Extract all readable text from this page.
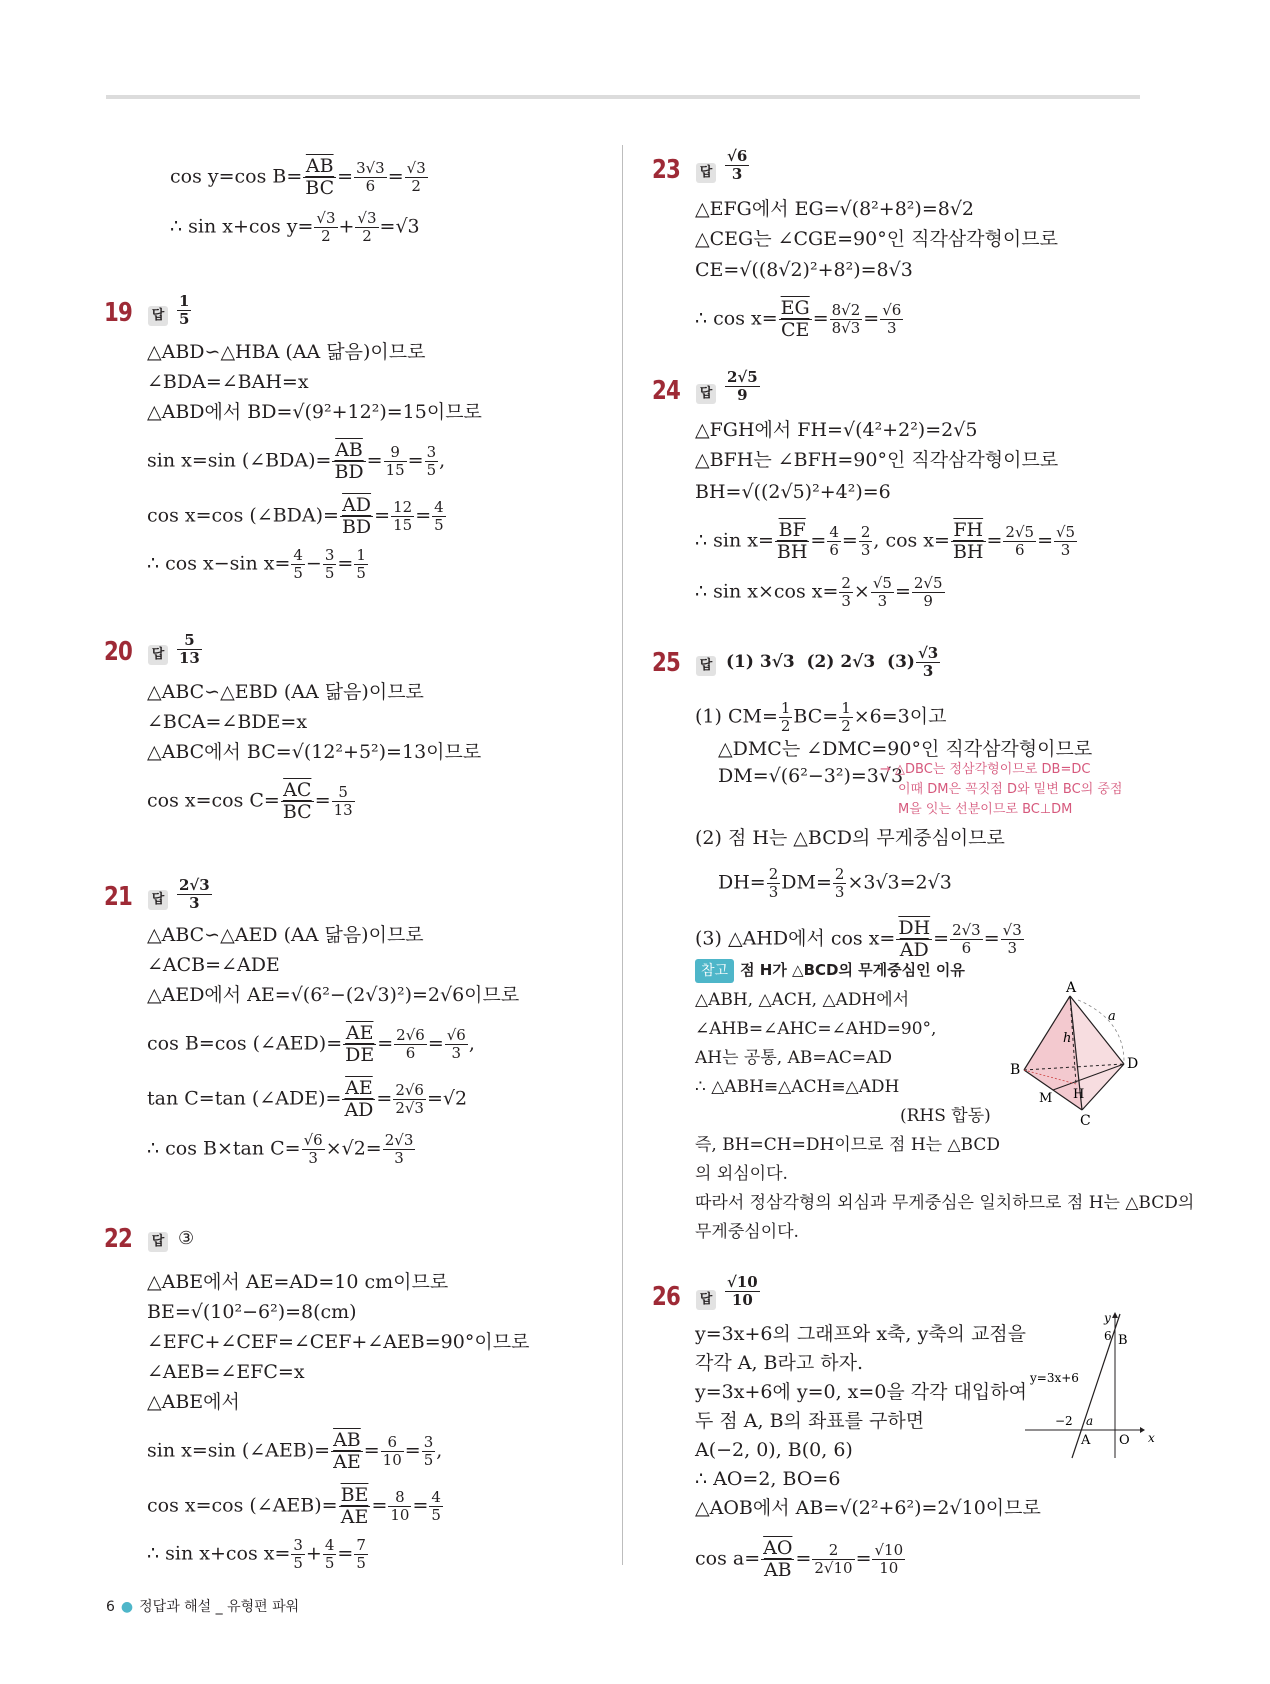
cos y=cos $B= \frac{\overline{AB}}{BC} = \frac{3√3}{6} = \frac{√3}{2}$
∴ sin x+cos $y= \frac{√3}{2} + \frac{√3}{2} =√3$
19 답 $\frac{1}{5}$
△ABD∽△HBA (AA 닮음)이므로
∠BDA=∠BAH=x
△ABD에서 BD=√(9²+12²)=15이므로
sin x=sin (∠BDA)= $\frac{\overline{AB}}{BD} = \frac{9}{15} = \frac{3}{5}$ ,
cos x=cos (∠BDA)= $\frac{\overline{AD}}{BD} = \frac{12}{15} = \frac{4}{5}$
∴ cos x−sin $x= \frac{4}{5} - \frac{3}{5} = \frac{1}{5}$
20 답 $\frac{5}{13}$
△ABC∽△EBD (AA 닮음)이므로
∠BCA=∠BDE=x
△ABC에서 BC=√(12²+5²)=13이므로
cos x=cos $C= \frac{\overline{AC}}{BC} = \frac{5}{13}$
21 답 $\frac{2√3}{3}$
△ABC∽△AED (AA 닮음)이므로
∠ACB=∠ADE
△AED에서 AE=√(6²−(2√3)²)=2√6이므로
cos B=cos (∠AED)= $\frac{\overline{AE}}{DE} = \frac{2√6}{6} = \frac{√6}{3}$ ,
tan C=tan (∠ADE)= $\frac{\overline{AE}}{AD} = \frac{2√6}{2√3} =√2$
∴ cos B×tan $C= \frac{√6}{3} \times√2= \frac{2√3}{3}$
22 답 ③
△ABE에서 AE=AD=10 cm이므로
BE=√(10²−6²)=8(cm)
∠EFC+∠CEF=∠CEF+∠AEB=90°이므로
∠AEB=∠EFC=x
△ABE에서
sin x=sin (∠AEB)= $\frac{\overline{AB}}{AE} = \frac{6}{10} = \frac{3}{5}$ ,
cos x=cos (∠AEB)= $\frac{\overline{BE}}{AE} = \frac{8}{10} = \frac{4}{5}$
∴ sin x+cos $x= \frac{3}{5} + \frac{4}{5} = \frac{7}{5}$
23 답 $\frac{√6}{3}$
△EFG에서 EG=√(8²+8²)=8√2
△CEG는 ∠CGE=90°인 직각삼각형이므로
CE=√((8√2)²+8²)=8√3
∴ $\cos x= \frac{\overline{EG}}{CE} = \frac{8√2}{8√3} = \frac{√6}{3}$
24 답 $\frac{2√5}{9}$
△FGH에서 FH=√(4²+2²)=2√5
△BFH는 ∠BFH=90°인 직각삼각형이므로
BH=√((2√5)²+4²)=6
∴ $\sin x= \frac{\overline{BF}}{BH} = \frac{4}{6} = \frac{2}{3}$ , $\cos x= \frac{\overline{FH}}{BH} = \frac{2√5}{6} = \frac{√5}{3}$
∴ sin x×cos $x= \frac{2}{3} \times \frac{√5}{3} = \frac{2√5}{9}$
25 답 (1) 3√3 (2) 2√3 $(3) \frac{√3}{3}$
(1) $CM= \frac{1}{2} BC= \frac{1}{2} \times 6=3$이고
△DMC는 ∠DMC=90°인 직각삼각형이므로
DM=√(6²−3²)=3√3
→ △DBC는 정삼각형이므로 DB=DC
이때 DM은 꼭짓점 D와 밑변 BC의 중점
M을 잇는 선분이므로 BC⊥DM
(2) 점 H는 △BCD의 무게중심이므로
$DH= \frac{2}{3} DM= \frac{2}{3} \times 3√3=2√3$
(3) △AHD에서 $\cos x= \frac{\overline{DH}}{AD} = \frac{2√3}{6} = \frac{√3}{3}$
참고 점 H가 △BCD의 무게중심인 이유
△ABH, △ACH, △ADH에서
∠AHB=∠AHC=∠AHD=90°,
AH는 공통, AB=AC=AD
∴ △ABH≡△ACH≡△ADH
(RHS 합동)
즉, BH=CH=DH이므로 점 H는 △BCD
의 외심이다.
따라서 정삼각형의 외심과 무게중심은 일치하므로 점 H는 △BCD의
무게중심이다.
A
B
C
D
H
M
a
h
26 답 $\frac{√10}{10}$
y=3x+6의 그래프와 x축, y축의 교점을
각각 A, B라고 하자.
y=3x+6에 y=0, x=0을 각각 대입하여
두 점 A, B의 좌표를 구하면
A(−2, 0), B(0, 6)
∴ AO=2, BO=6
△AOB에서 AB=√(2²+6²)=2√10이므로
$\cos a= \frac{\overline{AO}}{AB} = \frac{2}{2√10} = \frac{√10}{10}$
y
x
6 B
y=3x+6
−2 a
A O
6 ● 정답과 해설 _ 유형편 파워
